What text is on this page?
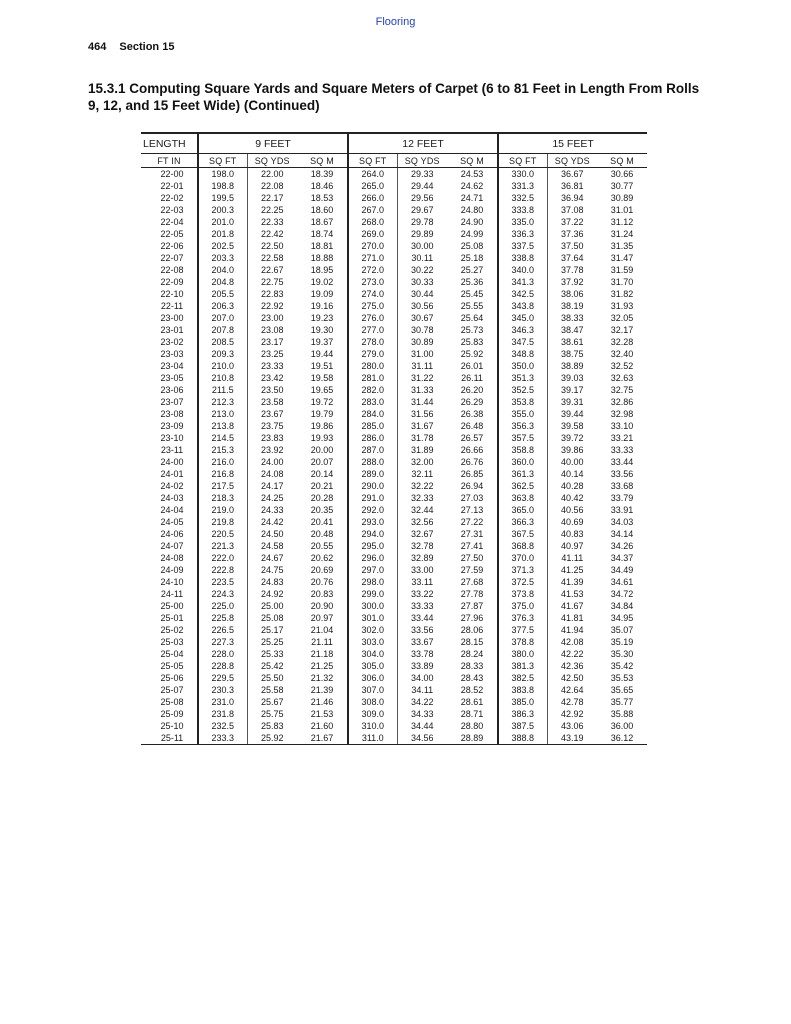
Flooring
464 Section 15
15.3.1 Computing Square Yards and Square Meters of Carpet (6 to 81 Feet in Length From Rolls 9, 12, and 15 Feet Wide) (Continued)
LENGTH	9 FEET			12 FEET			15 FEET		
FT IN	SQ FT	SQ YDS	SQ M	SQ FT	SQ YDS	SQ M	SQ FT	SQ YDS	SQ M
22-00	198.0	22.00	18.39	264.0	29.33	24.53	330.0	36.67	30.66
22-01	198.8	22.08	18.46	265.0	29.44	24.62	331.3	36.81	30.77
22-02	199.5	22.17	18.53	266.0	29.56	24.71	332.5	36.94	30.89
22-03	200.3	22.25	18.60	267.0	29.67	24.80	333.8	37.08	31.01
22-04	201.0	22.33	18.67	268.0	29.78	24.90	335.0	37.22	31.12
22-05	201.8	22.42	18.74	269.0	29.89	24.99	336.3	37.36	31.24
22-06	202.5	22.50	18.81	270.0	30.00	25.08	337.5	37.50	31.35
22-07	203.3	22.58	18.88	271.0	30.11	25.18	338.8	37.64	31.47
22-08	204.0	22.67	18.95	272.0	30.22	25.27	340.0	37.78	31.59
22-09	204.8	22.75	19.02	273.0	30.33	25.36	341.3	37.92	31.70
22-10	205.5	22.83	19.09	274.0	30.44	25.45	342.5	38.06	31.82
22-11	206.3	22.92	19.16	275.0	30.56	25.55	343.8	38.19	31.93
23-00	207.0	23.00	19.23	276.0	30.67	25.64	345.0	38.33	32.05
23-01	207.8	23.08	19.30	277.0	30.78	25.73	346.3	38.47	32.17
23-02	208.5	23.17	19.37	278.0	30.89	25.83	347.5	38.61	32.28
23-03	209.3	23.25	19.44	279.0	31.00	25.92	348.8	38.75	32.40
23-04	210.0	23.33	19.51	280.0	31.11	26.01	350.0	38.89	32.52
23-05	210.8	23.42	19.58	281.0	31.22	26.11	351.3	39.03	32.63
23-06	211.5	23.50	19.65	282.0	31.33	26.20	352.5	39.17	32.75
23-07	212.3	23.58	19.72	283.0	31.44	26.29	353.8	39.31	32.86
23-08	213.0	23.67	19.79	284.0	31.56	26.38	355.0	39.44	32.98
23-09	213.8	23.75	19.86	285.0	31.67	26.48	356.3	39.58	33.10
23-10	214.5	23.83	19.93	286.0	31.78	26.57	357.5	39.72	33.21
23-11	215.3	23.92	20.00	287.0	31.89	26.66	358.8	39.86	33.33
24-00	216.0	24.00	20.07	288.0	32.00	26.76	360.0	40.00	33.44
24-01	216.8	24.08	20.14	289.0	32.11	26.85	361.3	40.14	33.56
24-02	217.5	24.17	20.21	290.0	32.22	26.94	362.5	40.28	33.68
24-03	218.3	24.25	20.28	291.0	32.33	27.03	363.8	40.42	33.79
24-04	219.0	24.33	20.35	292.0	32.44	27.13	365.0	40.56	33.91
24-05	219.8	24.42	20.41	293.0	32.56	27.22	366.3	40.69	34.03
24-06	220.5	24.50	20.48	294.0	32.67	27.31	367.5	40.83	34.14
24-07	221.3	24.58	20.55	295.0	32.78	27.41	368.8	40.97	34.26
24-08	222.0	24.67	20.62	296.0	32.89	27.50	370.0	41.11	34.37
24-09	222.8	24.75	20.69	297.0	33.00	27.59	371.3	41.25	34.49
24-10	223.5	24.83	20.76	298.0	33.11	27.68	372.5	41.39	34.61
24-11	224.3	24.92	20.83	299.0	33.22	27.78	373.8	41.53	34.72
25-00	225.0	25.00	20.90	300.0	33.33	27.87	375.0	41.67	34.84
25-01	225.8	25.08	20.97	301.0	33.44	27.96	376.3	41.81	34.95
25-02	226.5	25.17	21.04	302.0	33.56	28.06	377.5	41.94	35.07
25-03	227.3	25.25	21.11	303.0	33.67	28.15	378.8	42.08	35.19
25-04	228.0	25.33	21.18	304.0	33.78	28.24	380.0	42.22	35.30
25-05	228.8	25.42	21.25	305.0	33.89	28.33	381.3	42.36	35.42
25-06	229.5	25.50	21.32	306.0	34.00	28.43	382.5	42.50	35.53
25-07	230.3	25.58	21.39	307.0	34.11	28.52	383.8	42.64	35.65
25-08	231.0	25.67	21.46	308.0	34.22	28.61	385.0	42.78	35.77
25-09	231.8	25.75	21.53	309.0	34.33	28.71	386.3	42.92	35.88
25-10	232.5	25.83	21.60	310.0	34.44	28.80	387.5	43.06	36.00
25-11	233.3	25.92	21.67	311.0	34.56	28.89	388.8	43.19	36.12
